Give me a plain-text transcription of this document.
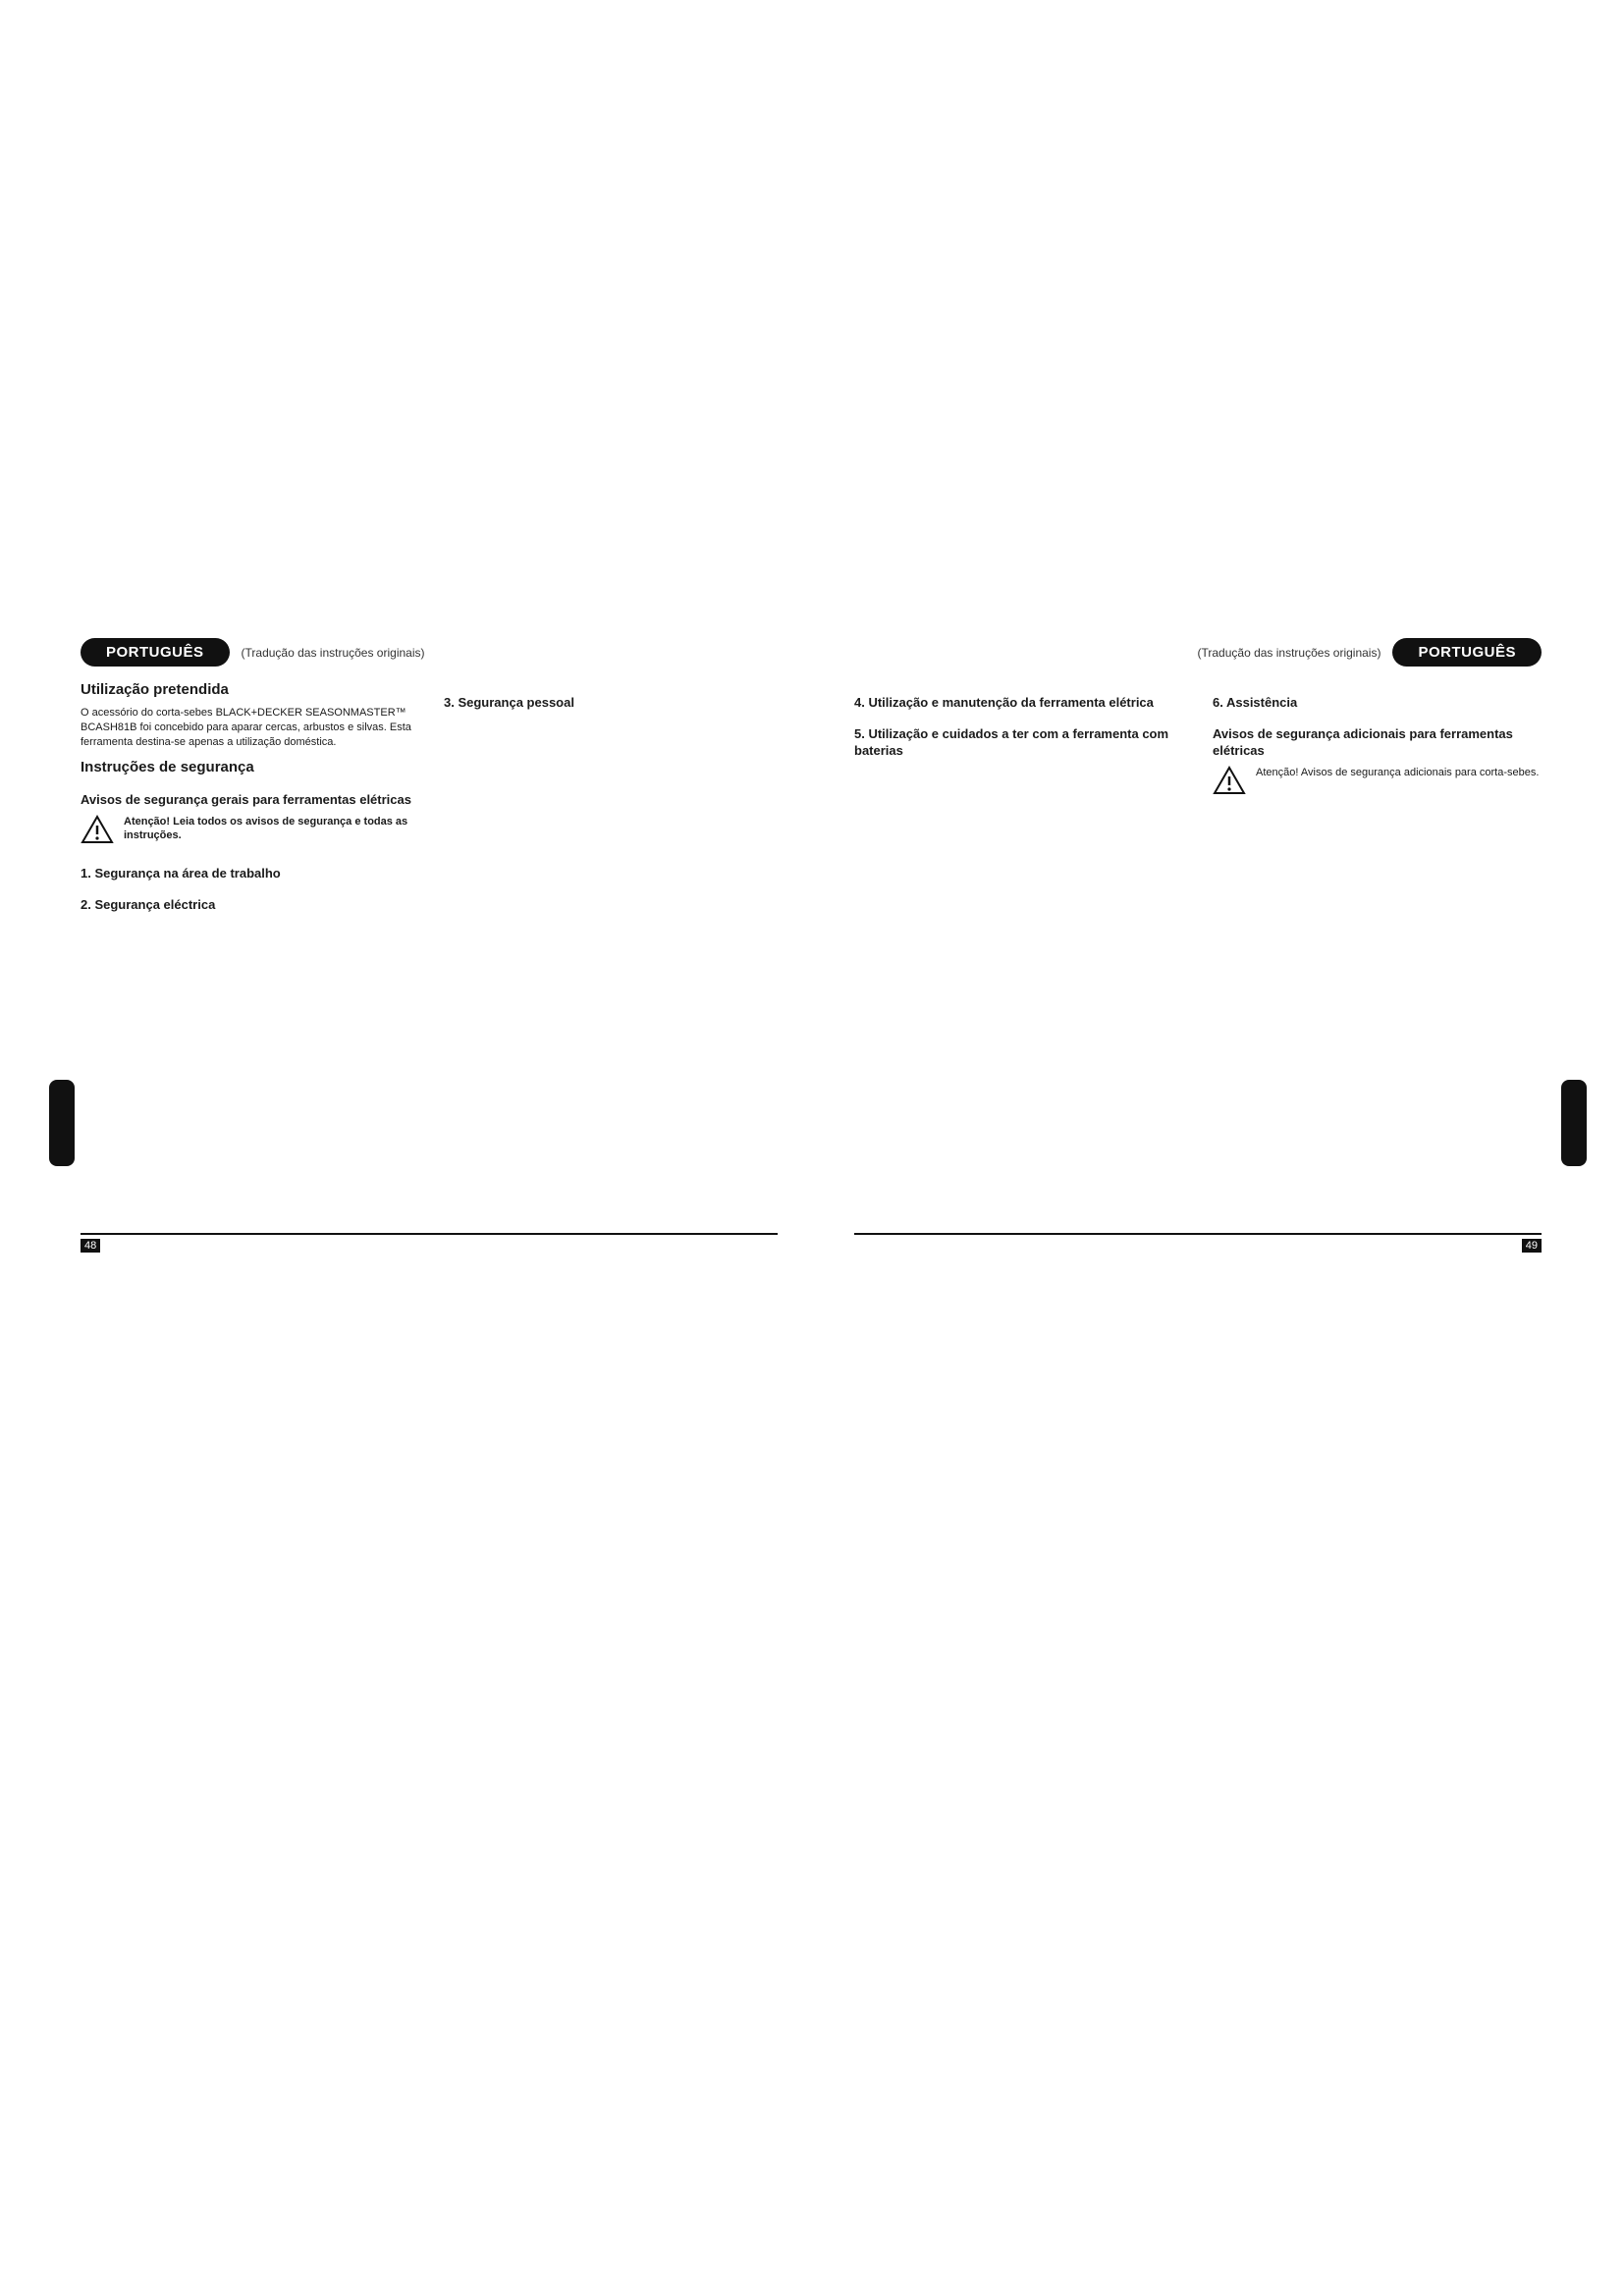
PORTUGUÊS	(Tradução das instruções originais)
Utilização pretendida

O acessório do corta-sebes BLACK+DECKER SEASONMASTER™ BCASH81B foi concebido para aparar cercas, arbustos e silvas. Esta ferramenta destina-se apenas a utilização doméstica.

Instruções de segurança
Avisos de segurança gerais para ferramentas elétricas

Atenção! Leia todos os avisos de segurança e todas as instruções.

1. Segurança na área de trabalho
2. Segurança eléctrica
3. Segurança pessoal
48
(Tradução das instruções originais)	PORTUGUÊS
4. Utilização e manutenção da ferramenta elétrica
5. Utilização e cuidados a ter com a ferramenta com baterias
6. Assistência
Avisos de segurança adicionais para ferramentas elétricas

Atenção! Avisos de segurança adicionais para corta-sebes.

49
